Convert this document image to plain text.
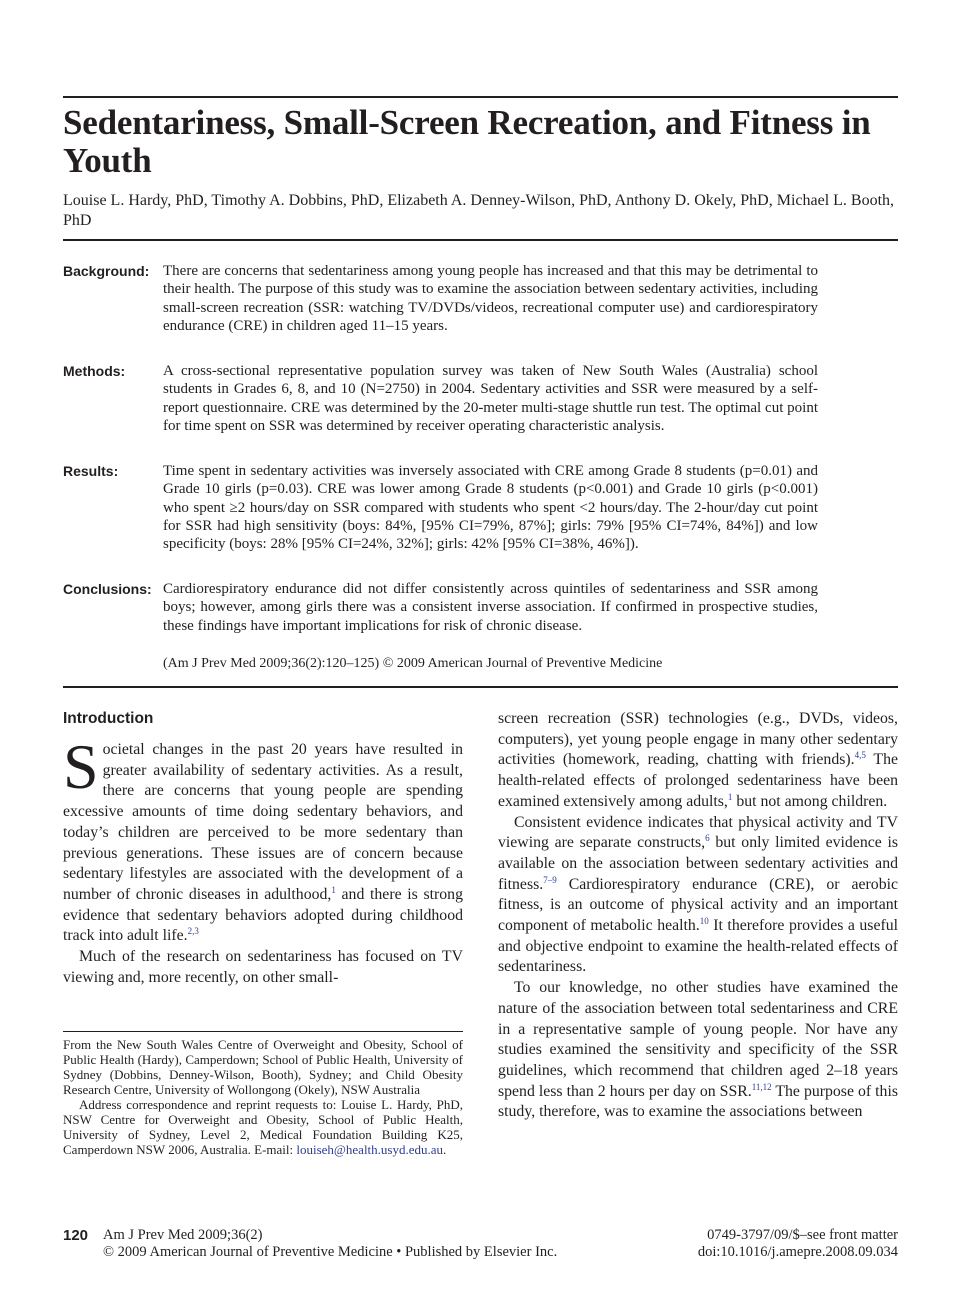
Sedentariness, Small-Screen Recreation, and Fitness in Youth
Louise L. Hardy, PhD, Timothy A. Dobbins, PhD, Elizabeth A. Denney-Wilson, PhD, Anthony D. Okely, PhD, Michael L. Booth, PhD
Background: There are concerns that sedentariness among young people has increased and that this may be detrimental to their health. The purpose of this study was to examine the association between sedentary activities, including small-screen recreation (SSR: watching TV/DVDs/videos, recreational computer use) and cardiorespiratory endurance (CRE) in children aged 11–15 years.
Methods:	A cross-sectional representative population survey was taken of New South Wales (Australia) school students in Grades 6, 8, and 10 (N=2750) in 2004. Sedentary activities and SSR were measured by a self-report questionnaire. CRE was determined by the 20-meter multi-stage shuttle run test. The optimal cut point for time spent on SSR was determined by receiver operating characteristic analysis.
Results:	Time spent in sedentary activities was inversely associated with CRE among Grade 8 students (p=0.01) and Grade 10 girls (p=0.03). CRE was lower among Grade 8 students (p<0.001) and Grade 10 girls (p<0.001) who spent ≥2 hours/day on SSR compared with students who spent <2 hours/day. The 2-hour/day cut point for SSR had high sensitivity (boys: 84%, [95% CI=79%, 87%]; girls: 79% [95% CI=74%, 84%]) and low specificity (boys: 28% [95% CI=24%, 32%]; girls: 42% [95% CI=38%, 46%]).
Conclusions: Cardiorespiratory endurance did not differ consistently across quintiles of sedentariness and SSR among boys; however, among girls there was a consistent inverse association. If confirmed in prospective studies, these findings have important implications for risk of chronic disease.
(Am J Prev Med 2009;36(2):120–125) © 2009 American Journal of Preventive Medicine
Introduction

Societal changes in the past 20 years have resulted in greater availability of sedentary activities. As a result, there are concerns that young people are spending excessive amounts of time doing sedentary behaviors, and today’s children are perceived to be more sedentary than previous generations. These issues are of concern because sedentary lifestyles are associated with the development of a number of chronic diseases in adulthood,$^1$ and there is strong evidence that sedentary behaviors adopted during childhood track into adult life.$^{2,3}$

Much of the research on sedentariness has focused on TV viewing and, more recently, on other small-

screen recreation (SSR) technologies (e.g., DVDs, videos, computers), yet young people engage in many other sedentary activities (homework, reading, chatting with friends).$^{4,5}$ The health-related effects of prolonged sedentariness have been examined extensively among adults,$^1$ but not among children.

Consistent evidence indicates that physical activity and TV viewing are separate constructs,$^6$ but only limited evidence is available on the association between sedentary activities and fitness.$^{7-9}$ Cardiorespiratory endurance (CRE), or aerobic fitness, is an outcome of physical activity and an important component of metabolic health.$^{10}$ It therefore provides a useful and objective endpoint to examine the health-related effects of sedentariness.

To our knowledge, no other studies have examined the nature of the association between total sedentariness and CRE in a representative sample of young people. Nor have any studies examined the sensitivity and specificity of the SSR guidelines, which recommend that children aged 2–18 years spend less than 2 hours per day on SSR.$^{11,12}$ The purpose of this study, therefore, was to examine the associations between

From the New South Wales Centre of Overweight and Obesity, School of Public Health (Hardy), Camperdown; School of Public Health, University of Sydney (Dobbins, Denney-Wilson, Booth), Sydney; and Child Obesity Research Centre, University of Wollongong (Okely), NSW Australia

Address correspondence and reprint requests to: Louise L. Hardy, PhD, NSW Centre for Overweight and Obesity, School of Public Health, University of Sydney, Level 2, Medical Foundation Building K25, Camperdown NSW 2006, Australia. E-mail: louiseh@health.usyd.edu.au.

120 Am J Prev Med 2009;36(2)
© 2009 American Journal of Preventive Medicine • Published by Elsevier Inc.
0749-3797/09/$–see front matter
doi:10.1016/j.amepre.2008.09.034
